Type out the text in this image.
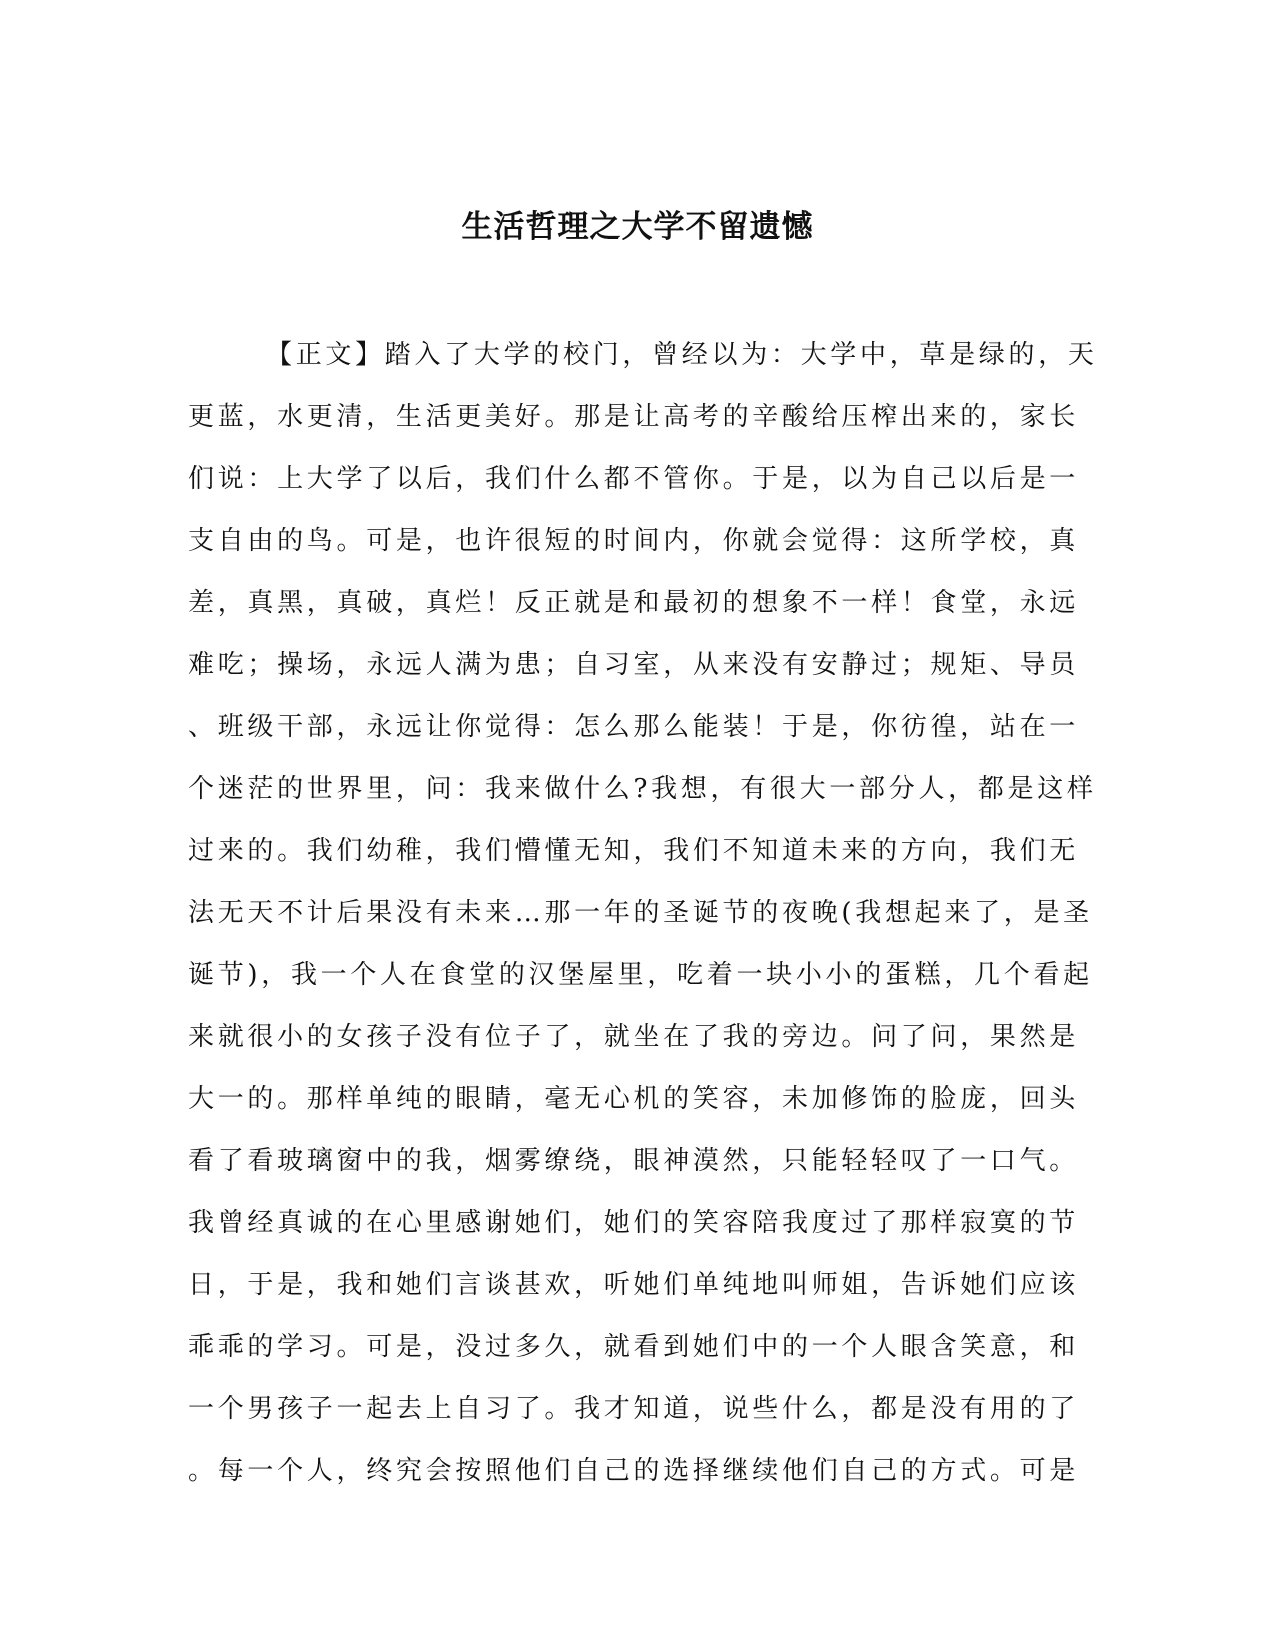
生活哲理之大学不留遗憾
【正文】踏入了大学的校门，曾经以为：大学中，草是绿的，天
更蓝，水更清，生活更美好。那是让高考的辛酸给压榨出来的，家长
们说：上大学了以后，我们什么都不管你。于是，以为自己以后是一
支自由的鸟。可是，也许很短的时间内，你就会觉得：这所学校，真
差，真黑，真破，真烂！反正就是和最初的想象不一样！食堂，永远
难吃；操场，永远人满为患；自习室，从来没有安静过；规矩、导员
、班级干部，永远让你觉得：怎么那么能装！于是，你彷徨，站在一
个迷茫的世界里，问：我来做什么?我想，有很大一部分人，都是这样
过来的。我们幼稚，我们懵懂无知，我们不知道未来的方向，我们无
法无天不计后果没有未来…那一年的圣诞节的夜晚(我想起来了，是圣
诞节)，我一个人在食堂的汉堡屋里，吃着一块小小的蛋糕，几个看起
来就很小的女孩子没有位子了，就坐在了我的旁边。问了问，果然是
大一的。那样单纯的眼睛，毫无心机的笑容，未加修饰的脸庞，回头
看了看玻璃窗中的我，烟雾缭绕，眼神漠然，只能轻轻叹了一口气。
我曾经真诚的在心里感谢她们，她们的笑容陪我度过了那样寂寞的节
日，于是，我和她们言谈甚欢，听她们单纯地叫师姐，告诉她们应该
乖乖的学习。可是，没过多久，就看到她们中的一个人眼含笑意，和
一个男孩子一起去上自习了。我才知道，说些什么，都是没有用的了
。每一个人，终究会按照他们自己的选择继续他们自己的方式。可是
